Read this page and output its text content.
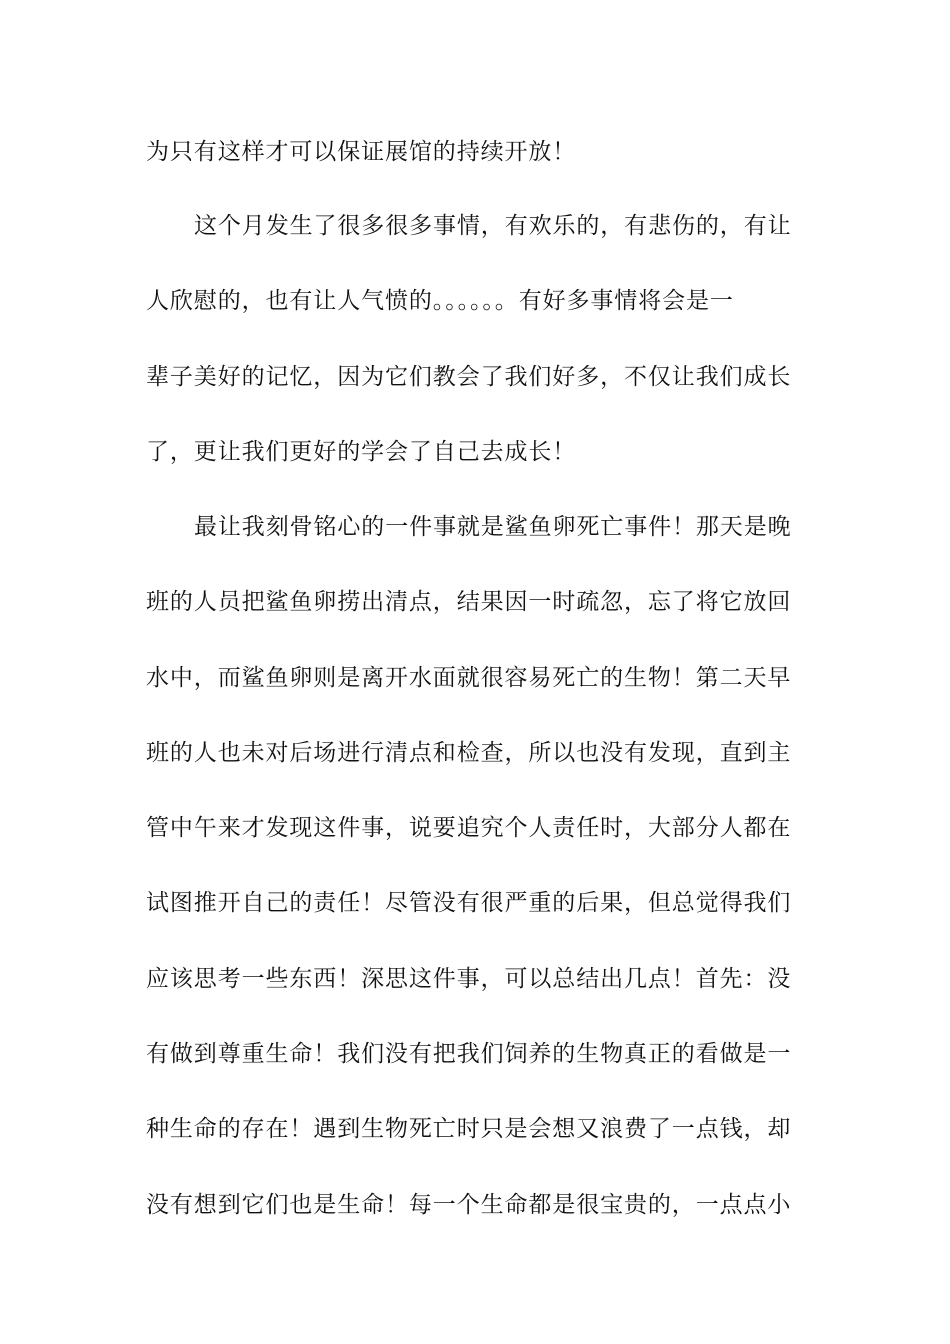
为只有这样才可以保证展馆的持续开放！
这个月发生了很多很多事情，有欢乐的，有悲伤的，有让
人欣慰的，也有让人气愤的。。。。。。有好多事情将会是一
辈子美好的记忆，因为它们教会了我们好多，不仅让我们成长
了，更让我们更好的学会了自己去成长！
最让我刻骨铭心的一件事就是鲨鱼卵死亡事件！那天是晚
班的人员把鲨鱼卵捞出清点，结果因一时疏忽，忘了将它放回
水中，而鲨鱼卵则是离开水面就很容易死亡的生物！第二天早
班的人也未对后场进行清点和检查，所以也没有发现，直到主
管中午来才发现这件事，说要追究个人责任时，大部分人都在
试图推开自己的责任！尽管没有很严重的后果，但总觉得我们
应该思考一些东西！深思这件事，可以总结出几点！首先：没
有做到尊重生命！我们没有把我们饲养的生物真正的看做是一
种生命的存在！遇到生物死亡时只是会想又浪费了一点钱，却
没有想到它们也是生命！每一个生命都是很宝贵的，一点点小
